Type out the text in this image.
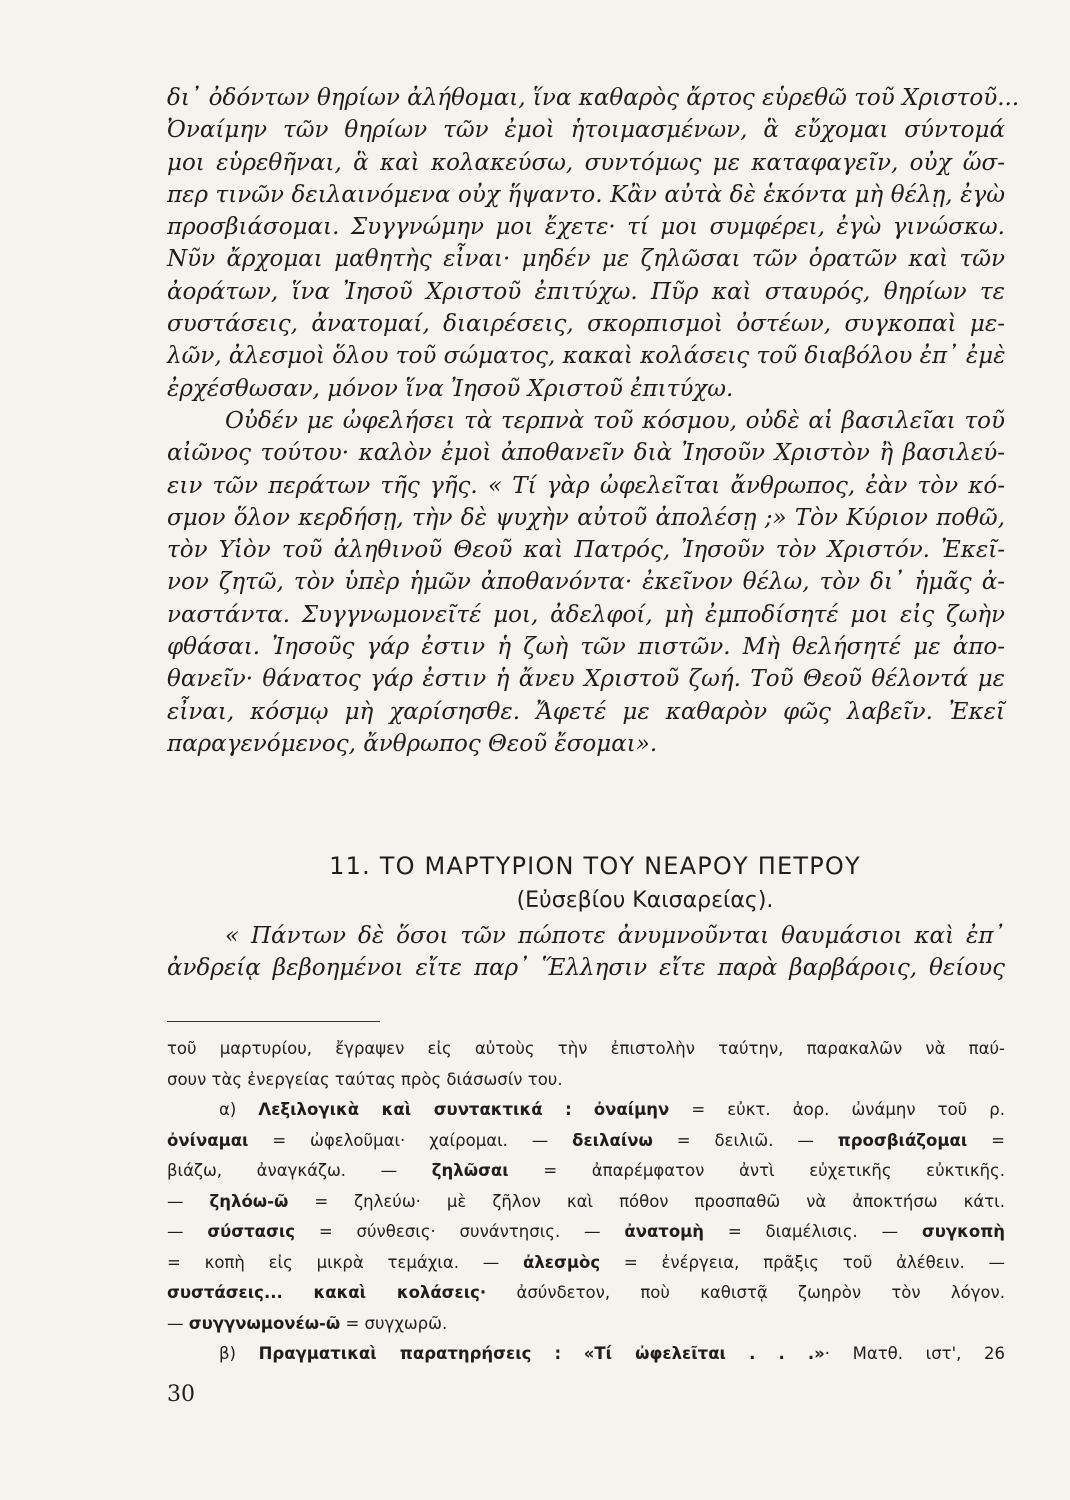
δι᾽ ὀδόντων θηρίων ἀλήθομαι, ἵνα καθαρὸς ἄρτος εὑρεθῶ τοῦ Χριστοῦ...
Ὀναίμην τῶν θηρίων τῶν ἐμοὶ ἡτοιμασμένων, ἃ εὔχομαι σύντομά
μοι εὑρεθῆναι, ἃ καὶ κολακεύσω, συντόμως με καταφαγεῖν, οὐχ ὥσ-
περ τινῶν δειλαινόμενα οὐχ ἥψαντο. Κἂν αὐτὰ δὲ ἑκόντα μὴ θέλῃ, ἐγὼ
προσβιάσομαι. Συγγνώμην μοι ἔχετε· τί μοι συμφέρει, ἐγὼ γινώσκω.
Νῦν ἄρχομαι μαθητὴς εἶναι· μηδέν με ζηλῶσαι τῶν ὁρατῶν καὶ τῶν
ἀοράτων, ἵνα Ἰησοῦ Χριστοῦ ἐπιτύχω. Πῦρ καὶ σταυρός, θηρίων τε
συστάσεις, ἀνατομαί, διαιρέσεις, σκορπισμοὶ ὀστέων, συγκοπαὶ με-
λῶν, ἀλεσμοὶ ὅλου τοῦ σώματος, κακαὶ κολάσεις τοῦ διαβόλου ἐπ᾽ ἐμὲ
ἐρχέσθωσαν, μόνον ἵνα Ἰησοῦ Χριστοῦ ἐπιτύχω.
Οὐδέν με ὠφελήσει τὰ τερπνὰ τοῦ κόσμου, οὐδὲ αἱ βασιλεῖαι τοῦ
αἰῶνος τούτου· καλὸν ἐμοὶ ἀποθανεῖν διὰ Ἰησοῦν Χριστὸν ἢ βασιλεύ-
ειν τῶν περάτων τῆς γῆς. « Τί γὰρ ὠφελεῖται ἄνθρωπος, ἐὰν τὸν κό-
σμον ὅλον κερδήσῃ, τὴν δὲ ψυχὴν αὐτοῦ ἀπολέσῃ ;» Τὸν Κύριον ποθῶ,
τὸν Υἱὸν τοῦ ἀληθινοῦ Θεοῦ καὶ Πατρός, Ἰησοῦν τὸν Χριστόν. Ἐκεῖ-
νον ζητῶ, τὸν ὑπὲρ ἡμῶν ἀποθανόντα· ἐκεῖνον θέλω, τὸν δι᾽ ἡμᾶς ἀ-
ναστάντα. Συγγνωμονεῖτέ μοι, ἀδελφοί, μὴ ἐμποδίσητέ μοι εἰς ζωὴν
φθάσαι. Ἰησοῦς γάρ ἐστιν ἡ ζωὴ τῶν πιστῶν. Μὴ θελήσητέ με ἀπο-
θανεῖν· θάνατος γάρ ἐστιν ἡ ἄνευ Χριστοῦ ζωή. Τοῦ Θεοῦ θέλοντά με
εἶναι, κόσμῳ μὴ χαρίσησθε. Ἄφετέ με καθαρὸν φῶς λαβεῖν. Ἐκεῖ
παραγενόμενος, ἄνθρωπος Θεοῦ ἔσομαι».
11. ΤΟ ΜΑΡΤΥΡΙΟΝ ΤΟΥ ΝΕΑΡΟΥ ΠΕΤΡΟΥ
(Εὐσεβίου Καισαρείας).
« Πάντων δὲ ὅσοι τῶν πώποτε ἀνυμνοῦνται θαυμάσιοι καὶ ἐπ᾽
ἀνδρείᾳ βεβοημένοι εἴτε παρ᾽ Ἕλλησιν εἴτε παρὰ βαρβάροις, θείους
τοῦ μαρτυρίου, ἔγραψεν εἰς αὐτοὺς τὴν ἐπιστολὴν ταύτην, παρακαλῶν νὰ παύ-
σουν τὰς ἐνεργείας ταύτας πρὸς διάσωσίν του.
α) Λεξιλογικὰ καὶ συντακτικά : ὀναίμην = εὐκτ. ἀορ. ὠνάμην τοῦ ρ.
ὀνίναμαι = ὠφελοῦμαι· χαίρομαι. — δειλαίνω = δειλιῶ. — προσβιάζομαι =
βιάζω, ἀναγκάζω. — ζηλῶσαι = ἀπαρέμφατον ἀντὶ εὐχετικῆς εὐκτικῆς.
— ζηλόω-ῶ = ζηλεύω· μὲ ζῆλον καὶ πόθον προσπαθῶ νὰ ἀποκτήσω κάτι.
— σύστασις = σύνθεσις· συνάντησις. — ἀνατομὴ = διαμέλισις. — συγκοπὴ
= κοπὴ εἰς μικρὰ τεμάχια. — ἀλεσμὸς = ἐνέργεια, πρᾶξις τοῦ ἀλέθειν. —
συστάσεις... κακαὶ κολάσεις· ἀσύνδετον, ποὺ καθιστᾷ ζωηρὸν τὸν λόγον.
— συγγνωμονέω-ῶ = συγχωρῶ.
β) Πραγματικαὶ παρατηρήσεις : «Τί ὠφελεῖται . . .»· Ματθ. ιστ', 26
30
